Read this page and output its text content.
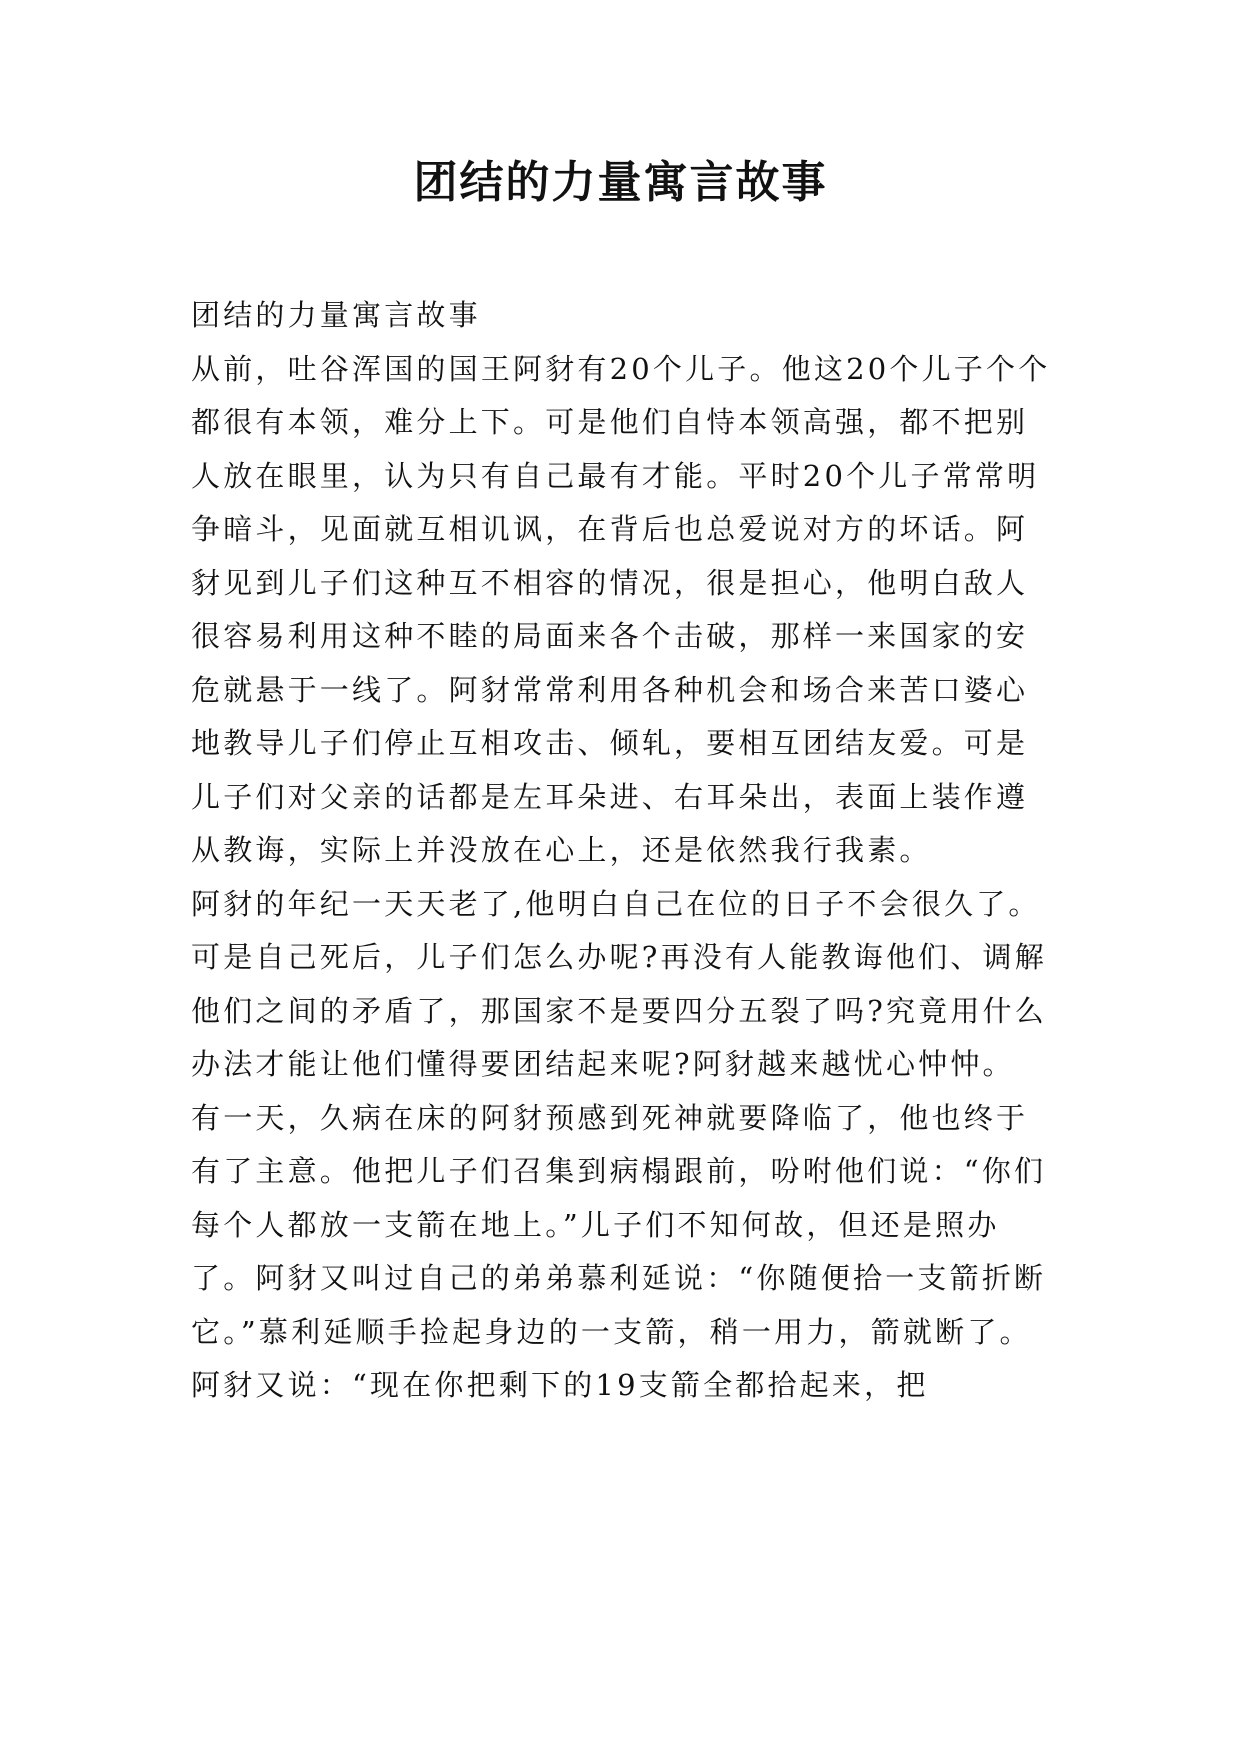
团结的力量寓言故事

团结的力量寓言故事

从前，吐谷浑国的国王阿豺有20个儿子。他这20个儿子个个都很有本领，难分上下。可是他们自恃本领高强，都不把别人放在眼里，认为只有自己最有才能。平时20个儿子常常明争暗斗，见面就互相讥讽，在背后也总爱说对方的坏话。阿豺见到儿子们这种互不相容的情况，很是担心，他明白敌人很容易利用这种不睦的局面来各个击破，那样一来国家的安危就悬于一线了。阿豺常常利用各种机会和场合来苦口婆心地教导儿子们停止互相攻击、倾轧，要相互团结友爱。可是儿子们对父亲的话都是左耳朵进、右耳朵出，表面上装作遵从教诲，实际上并没放在心上，还是依然我行我素。

阿豺的年纪一天天老了,他明白自己在位的日子不会很久了。可是自己死后，儿子们怎么办呢?再没有人能教诲他们、调解他们之间的矛盾了，那国家不是要四分五裂了吗?究竟用什么办法才能让他们懂得要团结起来呢?阿豺越来越忧心忡忡。

有一天，久病在床的阿豺预感到死神就要降临了，他也终于有了主意。他把儿子们召集到病榻跟前，吩咐他们说：“你们每个人都放一支箭在地上。”儿子们不知何故，但还是照办了。阿豺又叫过自己的弟弟慕利延说：“你随便拾一支箭折断它。”慕利延顺手捡起身边的一支箭，稍一用力，箭就断了。阿豺又说：“现在你把剩下的19支箭全都拾起来，把
